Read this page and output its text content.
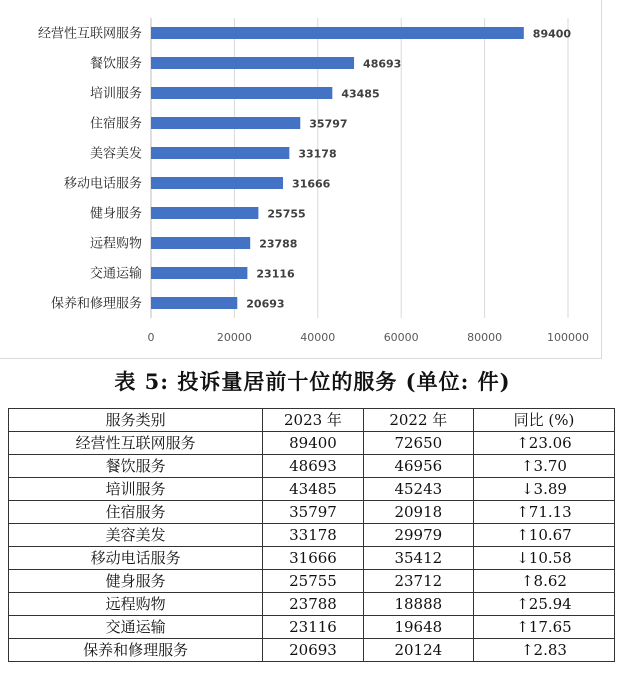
0	20000	40000	60000	80000	100000
经营性互联网服务	89400
餐饮服务	48693
培训服务	43485
住宿服务	35797
美容美发	33178
移动电话服务	31666
健身服务	25755
远程购物	23788
交通运输	23116
保养和修理服务	20693
表 5: 投诉量居前十位的服务 (单位: 件)
服务类别	2023 年	2022 年	同比 (%)
经营性互联网服务	89400	72650	↑23.06
餐饮服务	48693	46956	↑3.70
培训服务	43485	45243	↓3.89
住宿服务	35797	20918	↑71.13
美容美发	33178	29979	↑10.67
移动电话服务	31666	35412	↓10.58
健身服务	25755	23712	↑8.62
远程购物	23788	18888	↑25.94
交通运输	23116	19648	↑17.65
保养和修理服务	20693	20124	↑2.83
